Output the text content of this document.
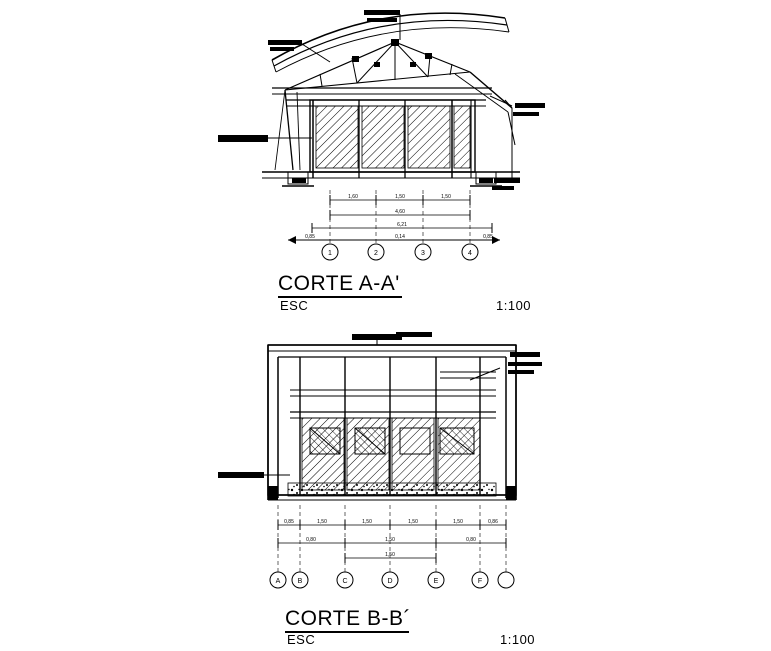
1,60	1,50	1,50
4,60
6,21
0,85	0,14	0,85
0,85	1,50	1,50	1,50	1,50	0,86
0,80	1,50	0,80
1,50
1	2	3	4
A B	C	D	E	F
CORTE A-A'
ESC	1:100
CORTE B-B´
ESC	1:100
